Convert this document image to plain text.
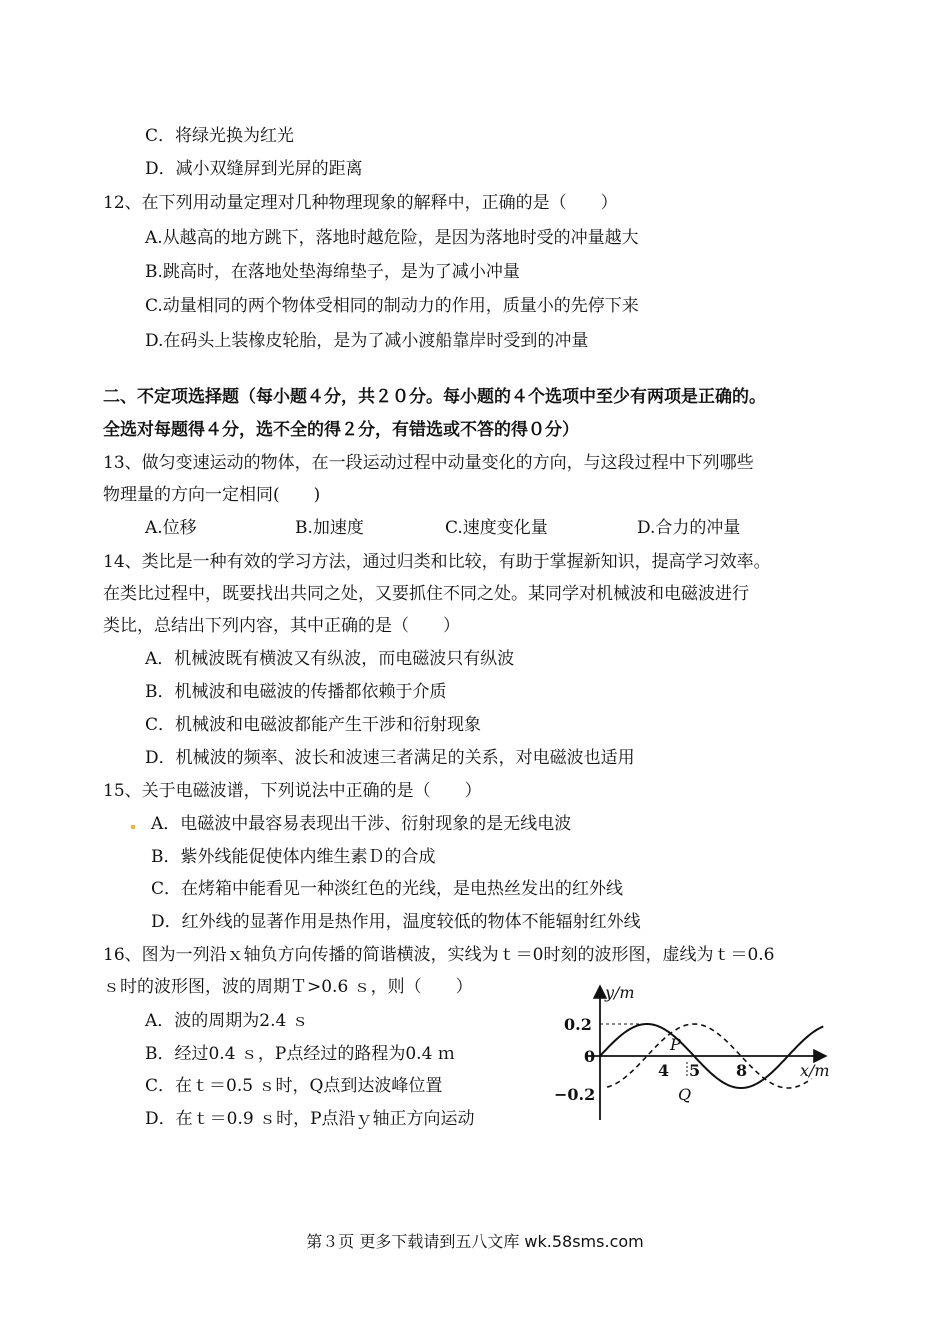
C．将绿光换为红光
D．减小双缝屏到光屏的距离
12、在下列用动量定理对几种物理现象的解释中，正确的是（　　）
A.从越高的地方跳下，落地时越危险，是因为落地时受的冲量越大
B.跳高时，在落地处垫海绵垫子，是为了减小冲量
C.动量相同的两个物体受相同的制动力的作用，质量小的先停下来
D.在码头上装橡皮轮胎，是为了减小渡船靠岸时受到的冲量
二、不定项选择题（每小题４分，共２０分。每小题的４个选项中至少有两项是正确的。
全选对每题得４分，选不全的得２分，有错选或不答的得０分）
13、做匀变速运动的物体，在一段运动过程中动量变化的方向，与这段过程中下列哪些
物理量的方向一定相同(　　)
A.位移	B.加速度	C.速度变化量	D.合力的冲量
14、类比是一种有效的学习方法，通过归类和比较，有助于掌握新知识，提高学习效率。
在类比过程中，既要找出共同之处，又要抓住不同之处。某同学对机械波和电磁波进行
类比，总结出下列内容，其中正确的是（　　）
A．机械波既有横波又有纵波，而电磁波只有纵波
B．机械波和电磁波的传播都依赖于介质
C．机械波和电磁波都能产生干涉和衍射现象
D．机械波的频率、波长和波速三者满足的关系，对电磁波也适用
15、关于电磁波谱，下列说法中正确的是（　　）
A．电磁波中最容易表现出干涉、衍射现象的是无线电波
B．紫外线能促使体内维生素Ｄ的合成
C．在烤箱中能看见一种淡红色的光线，是电热丝发出的红外线
D．红外线的显著作用是热作用，温度较低的物体不能辐射红外线
16、图为一列沿ｘ轴负方向传播的简谐横波，实线为ｔ＝0时刻的波形图，虚线为ｔ＝0.6
ｓ时的波形图，波的周期Ｔ>0.6 ｓ，则（　　）
A．波的周期为2.4 ｓ
B．经过0.4 ｓ，P点经过的路程为0.4 ｍ
C．在ｔ＝0.5 ｓ时，Q点到达波峰位置
D．在ｔ＝0.9 ｓ时，P点沿ｙ轴正方向运动
y/m
0.2
0
−0.2
4 5 8	x/m
P
Q
第３页 更多下载请到五八文库 wk.58sms.com
